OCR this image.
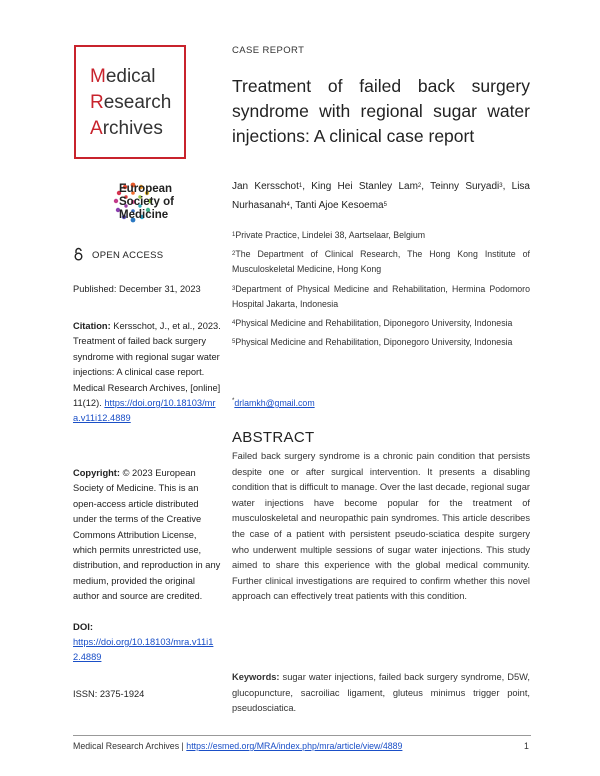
Medical
Research
Archives
European Society of Medicine
OPEN ACCESS
Published: December 31, 2023
Citation: Kersschot, J., et al., 2023. Treatment of failed back surgery syndrome with regional sugar water injections: A clinical case report. Medical Research Archives, [online] 11(12). https://doi.org/10.18103/mra.v11i12.4889
Copyright: © 2023 European Society of Medicine. This is an open-access article distributed under the terms of the Creative Commons Attribution License, which permits unrestricted use, distribution, and reproduction in any medium, provided the original author and source are credited.
DOI:
https://doi.org/10.18103/mra.v11i12.4889
ISSN: 2375-1924
CASE REPORT
Treatment of failed back surgery syndrome with regional sugar water injections: A clinical case report
Jan Kersschot$^1$, King Hei Stanley Lam$^2$, Teinny Suryadi$^3$, Lisa Nurhasanah$^4$, Tanti Ajoe Kesoema$^5$

$^1$Private Practice, Lindelei 38, Aartselaar, Belgium

$^2$The Department of Clinical Research, The Hong Kong Institute of Musculoskeletal Medicine, Hong Kong

$^3$Department of Physical Medicine and Rehabilitation, Hermina Podomoro Hospital Jakarta, Indonesia

$^4$Physical Medicine and Rehabilitation, Diponegoro University, Indonesia

$^5$Physical Medicine and Rehabilitation, Diponegoro University, Indonesia

*drlamkh@gmail.com
ABSTRACT
Failed back surgery syndrome is a chronic pain condition that persists despite one or after surgical intervention. It presents a disabling condition that is difficult to manage. Over the last decade, regional sugar water injections have become popular for the treatment of musculoskeletal and neuropathic pain syndromes. This article describes the case of a patient with persistent pseudo-sciatica despite surgery who underwent multiple sessions of sugar water injections. This study aimed to share this experience with the global medical community. Further clinical investigations are required to confirm whether this novel approach can effectively treat patients with this condition.
Keywords: sugar water injections, failed back surgery syndrome, D5W, glucopuncture, sacroiliac ligament, gluteus minimus trigger point, pseudosciatica.
Medical Research Archives | https://esmed.org/MRA/index.php/mra/article/view/4889	1
